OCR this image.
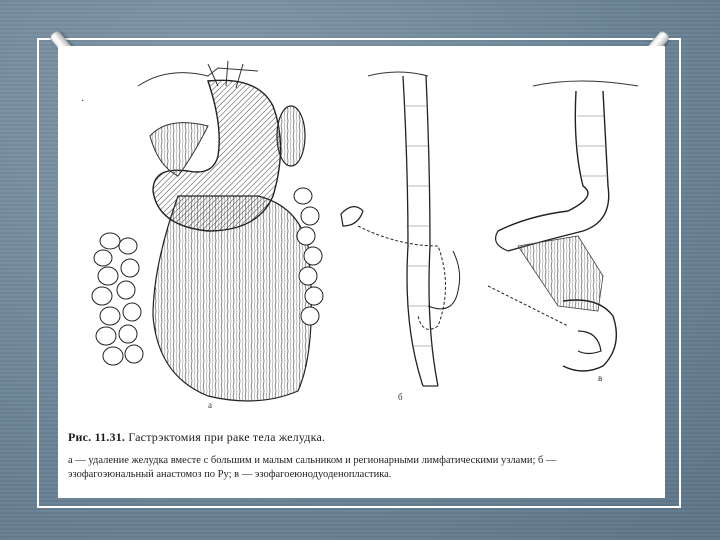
а
б
в
·
Рис. 11.31. Гастрэктомия при раке тела желудка.
а — удаление желудка вместе с большим и малым сальником и регионарными лимфатическими узлами; б —
эзофагоэюнальный анастомоз по Ру; в — эзофагоеюнодуоденопластика.
